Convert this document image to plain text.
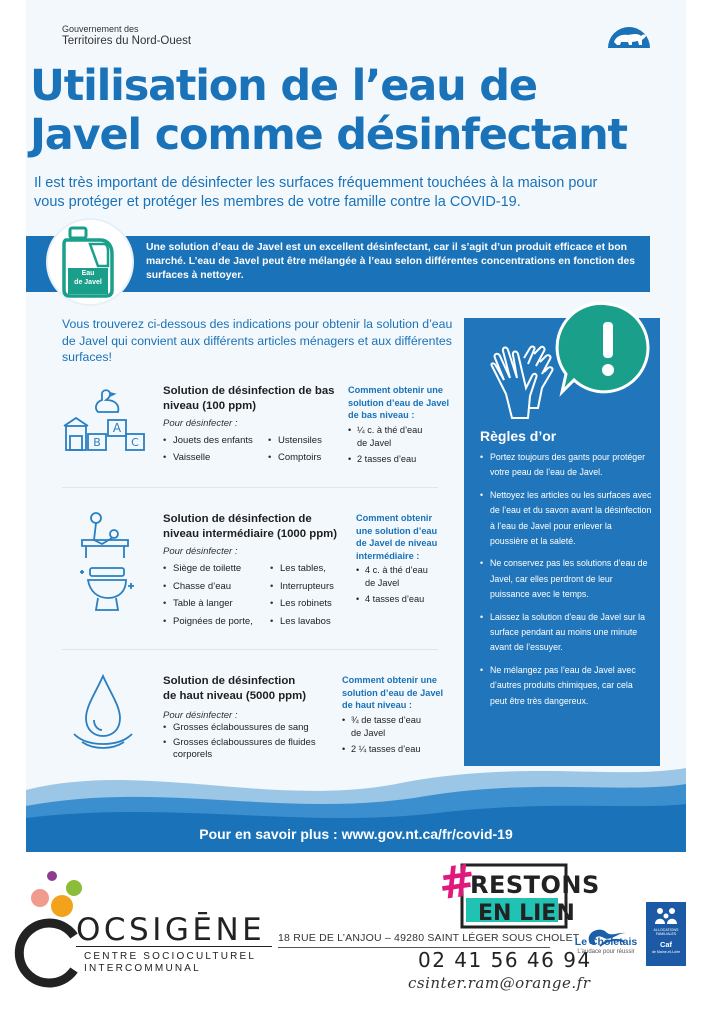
Gouvernement des
Territoires du Nord-Ouest
Utilisation de l’eau de
Javel comme désinfectant
Il est très important de désinfecter les surfaces fréquemment touchées à la maison pour vous protéger et protéger les membres de votre famille contre la COVID-19.
Eau
de Javel
Une solution d’eau de Javel est un excellent désinfectant, car il s’agit d’un produit efficace et bon marché. L’eau de Javel peut être mélangée à l’eau selon différentes concentrations en fonction des surfaces à nettoyer.
Vous trouverez ci-dessous des indications pour obtenir la solution d’eau de Javel qui convient aux différents articles ménagers et aux différentes surfaces!
A
B	C
Solution de désinfection de bas
niveau (100 ppm)
Pour désinfecter :
• Jouets des enfants
• Vaisselle
• Ustensiles
• Comptoirs
Comment obtenir une
solution d’eau de Javel
de bas niveau :
• ¼ c. à thé d’eau de Javel
• 2 tasses d’eau
Solution de désinfection de
niveau intermédiaire (1000 ppm)
Pour désinfecter :
• Siège de toilette
• Chasse d’eau
• Table à langer
• Poignées de porte,
• Les tables,
• Interrupteurs
• Les robinets
• Les lavabos
Comment obtenir
une solution d’eau
de Javel de niveau
intermédiaire :
• 4 c. à thé d’eau de Javel
• 4 tasses d’eau
Solution de désinfection
de haut niveau (5000 ppm)
Pour désinfecter :
• Grosses éclaboussures de sang
• Grosses éclaboussures de fluides corporels
Comment obtenir une
solution d’eau de Javel
de haut niveau :
• ¾ de tasse d’eau de Javel
• 2 ¼ tasses d’eau
Règles d’or
• Portez toujours des gants pour protéger votre peau de l’eau de Javel.
• Nettoyez les articles ou les surfaces avec de l’eau et du savon avant la désinfection à l’eau de Javel pour enlever la poussière et la saleté.
• Ne conservez pas les solutions d’eau de Javel, car elles perdront de leur puissance avec le temps.
• Laissez la solution d’eau de Javel sur la surface pendant au moins une minute avant de l’essuyer.
• Ne mélangez pas l’eau de Javel avec d’autres produits chimiques, car cela peut être très dangereux.
Pour en savoir plus : www.gov.nt.ca/fr/covid-19
OCSIGĒNE
CENTRE SOCIOCULTUREL
INTERCOMMUNAL
18 RUE DE L’ANJOU – 49280 SAINT LÉGER SOUS CHOLET
#
RESTONS
EN LIEN
02 41 56 46 94
csinter.ram@orange.fr
Le Choletais
L’audace pour réussir
ALLOCATIONS FAMILIALES
Caf
de Maine-et-Loire
